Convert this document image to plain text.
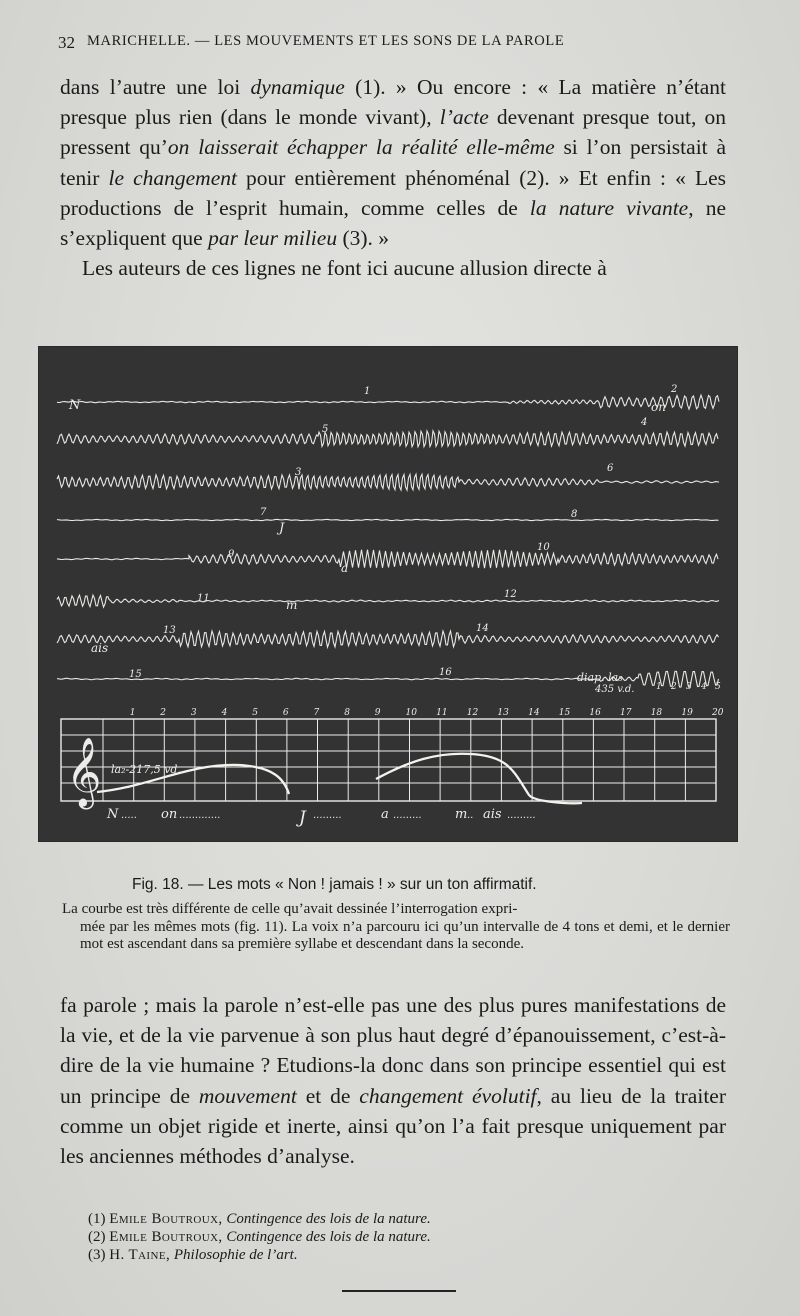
32 MARICHELLE. — LES MOUVEMENTS ET LES SONS DE LA PAROLE

dans l’autre une loi dynamique (1). » Ou encore : « La matière n’étant presque plus rien (dans le monde vivant), l’acte devenant presque tout, on pressent qu’on laisserait échapper la réalité elle-même si l’on persistait à tenir le changement pour entièrement phénoménal (2). » Et enfin : « Les productions de l’esprit humain, comme celles de la nature vivante, ne s’expliquent que par leur milieu (3). »

Les auteurs de ces lignes ne font ici aucune allusion directe à

1	2
3
4
5
6
7	8
9
10
11	12
13	14
15	16
N	on
J
a
m
ais
diap. la₃
435 v.d. 1 2 3 4 5
1	2	3	4	5	6	7	8	9	10 11 12 13 14 15 16 17 18 19 20
𝄞 la₂-217,5 vd.
N ..... on .............	J .........	a .........	m .. ais .........
Fig. 18. — Les mots « Non ! jamais ! » sur un ton affirmatif.
La courbe est très différente de celle qu’avait dessinée l’interrogation expri-
mée par les mêmes mots (fig. 11). La voix n’a parcouru ici qu’un intervalle de 4 tons et demi, et le dernier mot est ascendant dans sa première syllabe et descendant dans la seconde.

fa parole ; mais la parole n’est-elle pas une des plus pures manifestations de la vie, et de la vie parvenue à son plus haut degré d’épanouissement, c’est-à-dire de la vie humaine ? Etudions-la donc dans son principe essentiel qui est un principe de mouvement et de changement évolutif, au lieu de la traiter comme un objet rigide et inerte, ainsi qu’on l’a fait presque uniquement par les anciennes méthodes d’analyse.

(1) Emile Boutroux, Contingence des lois de la nature.
(2) Emile Boutroux, Contingence des lois de la nature.
(3) H. Taine, Philosophie de l’art.
